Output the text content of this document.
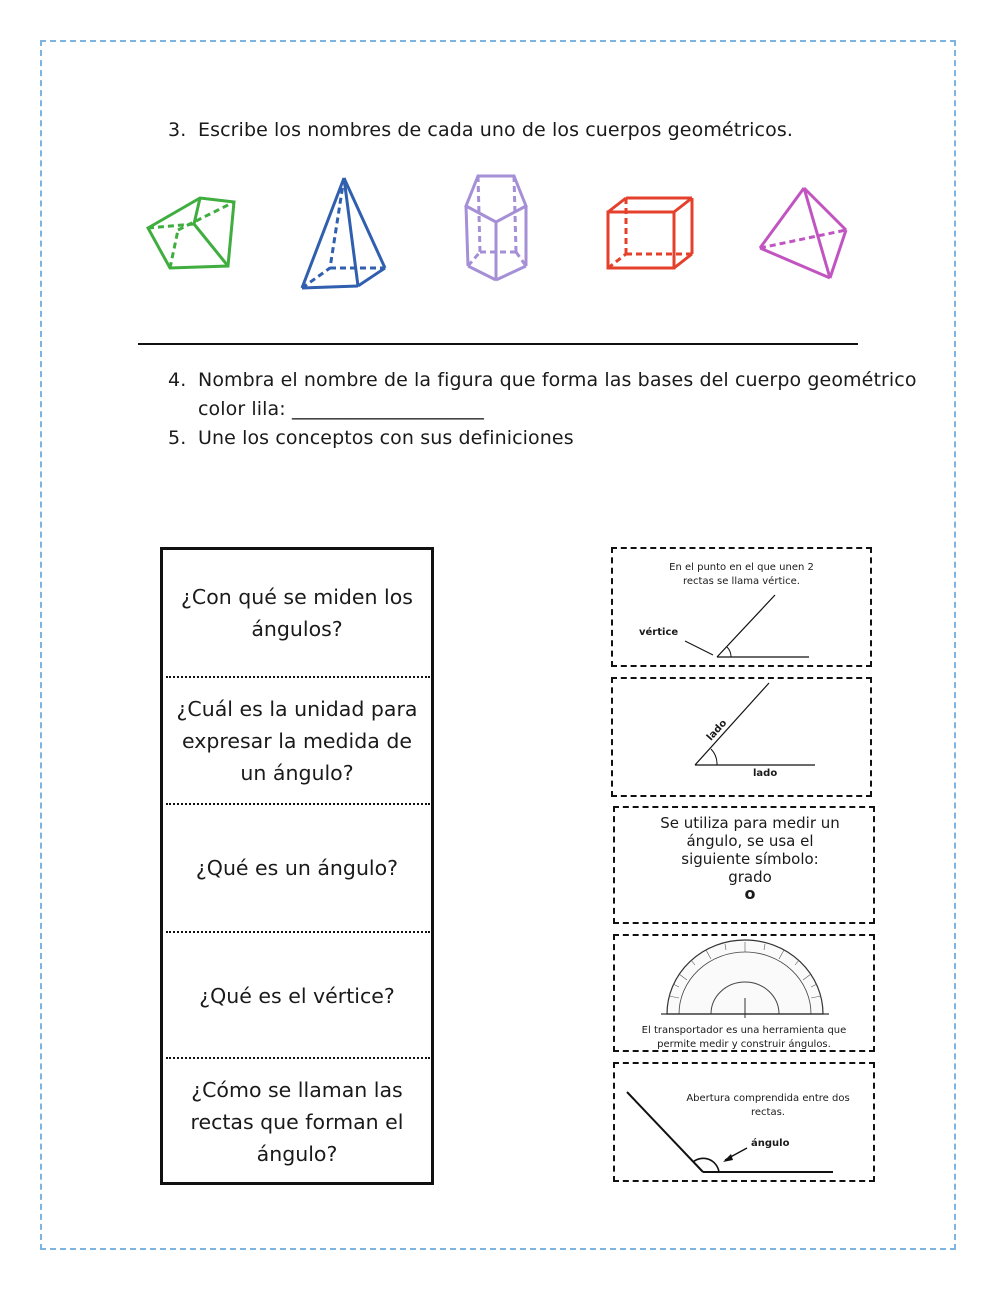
3. Escribe los nombres de cada uno de los cuerpos geométricos.
4. Nombra el nombre de la figura que forma las bases del cuerpo geométrico
color lila: ____________________
5. Une los conceptos con sus definiciones
¿Con qué se miden los ángulos?
¿Cuál es la unidad para expresar la medida de un ángulo?
¿Qué es un ángulo?
¿Qué es el vértice?
¿Cómo se llaman las rectas que forman el ángulo?
En el punto en el que unen 2 rectas se llama vértice.
vértice
lado
lado
Se utiliza para medir un
ángulo, se usa el
siguiente símbolo:
grado
o
El transportador es una herramienta que permite medir y construir ángulos.
Abertura comprendida entre dos rectas.
ángulo
